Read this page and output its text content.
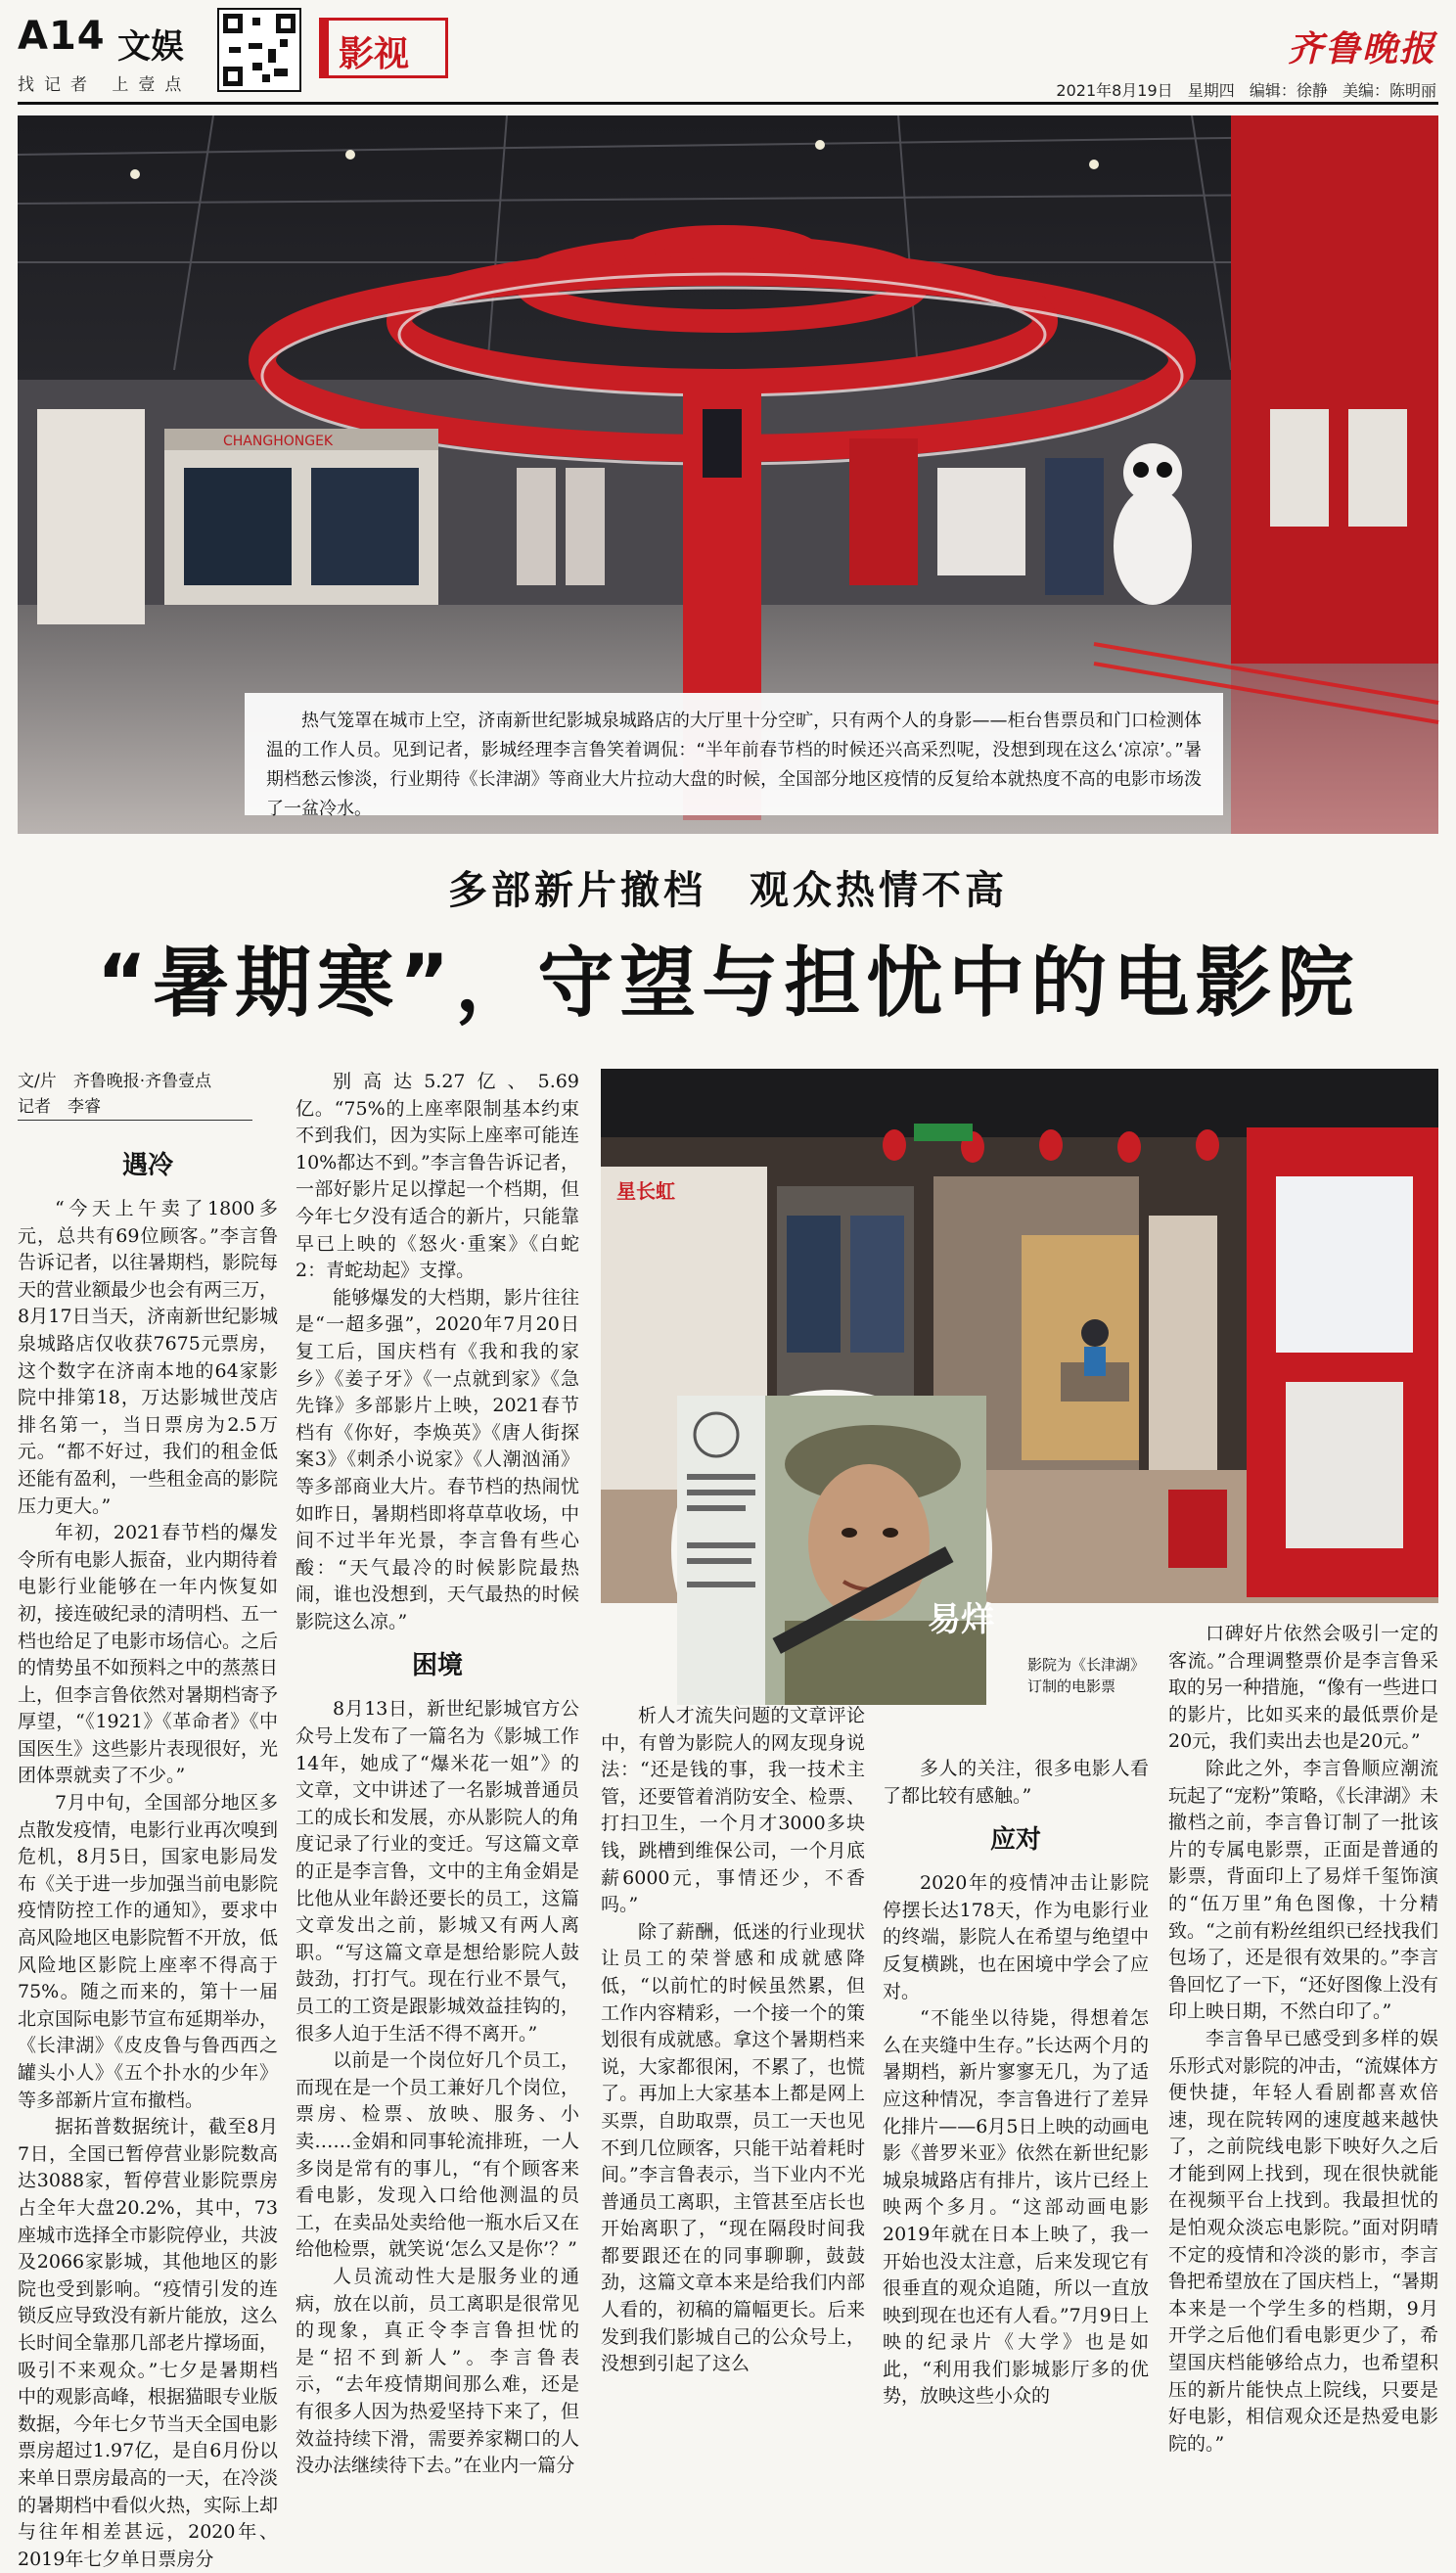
A14 文娱
找记者 上壹点
影视	齐鲁晚报
2021年8月19日 星期四 编辑：徐静 美编：陈明丽
CHANGHONGEK
热气笼罩在城市上空，济南新世纪影城泉城路店的大厅里十分空旷，只有两个人的身影——柜台售票员和门口检测体温的工作人员。见到记者，影城经理李言鲁笑着调侃：“半年前春节档的时候还兴高采烈呢，没想到现在这么‘凉凉’。”暑期档愁云惨淡，行业期待《长津湖》等商业大片拉动大盘的时候，全国部分地区疫情的反复给本就热度不高的电影市场泼了一盆冷水。
多部新片撤档　观众热情不高
“暑期寒”，守望与担忧中的电影院
文/片　齐鲁晚报·齐鲁壹点
记者　李睿
遇冷

“今天上午卖了1800多元，总共有69位顾客。”李言鲁告诉记者，以往暑期档，影院每天的营业额最少也会有两三万，8月17日当天，济南新世纪影城泉城路店仅收获7675元票房，这个数字在济南本地的64家影院中排第18，万达影城世茂店排名第一，当日票房为2.5万元。“都不好过，我们的租金低还能有盈利，一些租金高的影院压力更大。”

年初，2021春节档的爆发令所有电影人振奋，业内期待着电影行业能够在一年内恢复如初，接连破纪录的清明档、五一档也给足了电影市场信心。之后的情势虽不如预料之中的蒸蒸日上，但李言鲁依然对暑期档寄予厚望，“《1921》《革命者》《中国医生》这些影片表现很好，光团体票就卖了不少。”

7月中旬，全国部分地区多点散发疫情，电影行业再次嗅到危机，8月5日，国家电影局发布《关于进一步加强当前电影院疫情防控工作的通知》，要求中高风险地区电影院暂不开放，低风险地区影院上座率不得高于75%。随之而来的，第十一届北京国际电影节宣布延期举办，《长津湖》《皮皮鲁与鲁西西之罐头小人》《五个扑水的少年》等多部新片宣布撤档。

据拓普数据统计，截至8月7日，全国已暂停营业影院数高达3088家，暂停营业影院票房占全年大盘20.2%，其中，73座城市选择全市影院停业，共波及2066家影城，其他地区的影院也受到影响。“疫情引发的连锁反应导致没有新片能放，这么长时间全靠那几部老片撑场面，吸引不来观众。”七夕是暑期档中的观影高峰，根据猫眼专业版数据，今年七夕节当天全国电影票房超过1.97亿，是自6月份以来单日票房最高的一天，在冷淡的暑期档中看似火热，实际上却与往年相差甚远，2020年、2019年七夕单日票房分

别高达5.27亿、5.69亿。“75%的上座率限制基本约束不到我们，因为实际上座率可能连10%都达不到。”李言鲁告诉记者，一部好影片足以撑起一个档期，但今年七夕没有适合的新片，只能靠早已上映的《怒火·重案》《白蛇2：青蛇劫起》支撑。

能够爆发的大档期，影片往往是“一超多强”，2020年7月20日复工后，国庆档有《我和我的家乡》《姜子牙》《一点就到家》《急先锋》多部影片上映，2021春节档有《你好，李焕英》《唐人街探案3》《刺杀小说家》《人潮汹涌》等多部商业大片。春节档的热闹忧如昨日，暑期档即将草草收场，中间不过半年光景，李言鲁有些心酸：“天气最冷的时候影院最热闹，谁也没想到，天气最热的时候影院这么凉。”

困境

8月13日，新世纪影城官方公众号上发布了一篇名为《影城工作14年，她成了“爆米花一姐”》的文章，文中讲述了一名影城普通员工的成长和发展，亦从影院人的角度记录了行业的变迁。写这篇文章的正是李言鲁，文中的主角金娟是比他从业年龄还要长的员工，这篇文章发出之前，影城又有两人离职。“写这篇文章是想给影院人鼓鼓劲，打打气。现在行业不景气，员工的工资是跟影城效益挂钩的，很多人迫于生活不得不离开。”

以前是一个岗位好几个员工，而现在是一个员工兼好几个岗位，票房、检票、放映、服务、小卖……金娟和同事轮流排班，一人多岗是常有的事儿，“有个顾客来看电影，发现入口给他测温的员工，在卖品处卖给他一瓶水后又在给他检票，就笑说‘怎么又是你’？”

人员流动性大是服务业的通病，放在以前，员工离职是很常见的现象，真正令李言鲁担忧的是“招不到新人”。李言鲁表示，“去年疫情期间那么难，还是有很多人因为热爱坚持下来了，但效益持续下滑，需要养家糊口的人没办法继续待下去。”在业内一篇分

星长虹
易烊
影院为《长津湖》
订制的电影票

析人才流失问题的文章评论中，有曾为影院人的网友现身说法：“还是钱的事，我一技术主管，还要管着消防安全、检票、打扫卫生，一个月才3000多块钱，跳槽到维保公司，一个月底薪6000元，事情还少，不香吗。”

除了薪酬，低迷的行业现状让员工的荣誉感和成就感降低，“以前忙的时候虽然累，但工作内容精彩，一个接一个的策划很有成就感。拿这个暑期档来说，大家都很闲，不累了，也慌了。再加上大家基本上都是网上买票，自助取票，员工一天也见不到几位顾客，只能干站着耗时间。”李言鲁表示，当下业内不光普通员工离职，主管甚至店长也开始离职了，“现在隔段时间我都要跟还在的同事聊聊，鼓鼓劲，这篇文章本来是给我们内部人看的，初稿的篇幅更长。后来发到我们影城自己的公众号上，没想到引起了这么

多人的关注，很多电影人看了都比较有感触。”

应对

2020年的疫情冲击让影院停摆长达178天，作为电影行业的终端，影院人在希望与绝望中反复横跳，也在困境中学会了应对。

“不能坐以待毙，得想着怎么在夹缝中生存。”长达两个月的暑期档，新片寥寥无几，为了适应这种情况，李言鲁进行了差异化排片——6月5日上映的动画电影《普罗米亚》依然在新世纪影城泉城路店有排片，该片已经上映两个多月。“这部动画电影2019年就在日本上映了，我一开始也没太注意，后来发现它有很垂直的观众追随，所以一直放映到现在也还有人看。”7月9日上映的纪录片《大学》也是如此，“利用我们影城影厅多的优势，放映这些小众的

口碑好片依然会吸引一定的客流。”合理调整票价是李言鲁采取的另一种措施，“像有一些进口的影片，比如买来的最低票价是20元，我们卖出去也是20元。”

除此之外，李言鲁顺应潮流玩起了“宠粉”策略，《长津湖》未撤档之前，李言鲁订制了一批该片的专属电影票，正面是普通的影票，背面印上了易烊千玺饰演的“伍万里”角色图像，十分精致。“之前有粉丝组织已经找我们包场了，还是很有效果的。”李言鲁回忆了一下，“还好图像上没有印上映日期，不然白印了。”

李言鲁早已感受到多样的娱乐形式对影院的冲击，“流媒体方便快捷，年轻人看剧都喜欢倍速，现在院转网的速度越来越快了，之前院线电影下映好久之后才能到网上找到，现在很快就能在视频平台上找到。我最担忧的是怕观众淡忘电影院。”面对阴晴不定的疫情和冷淡的影市，李言鲁把希望放在了国庆档上，“暑期本来是一个学生多的档期，9月开学之后他们看电影更少了，希望国庆档能够给点力，也希望积压的新片能快点上院线，只要是好电影，相信观众还是热爱电影院的。”
